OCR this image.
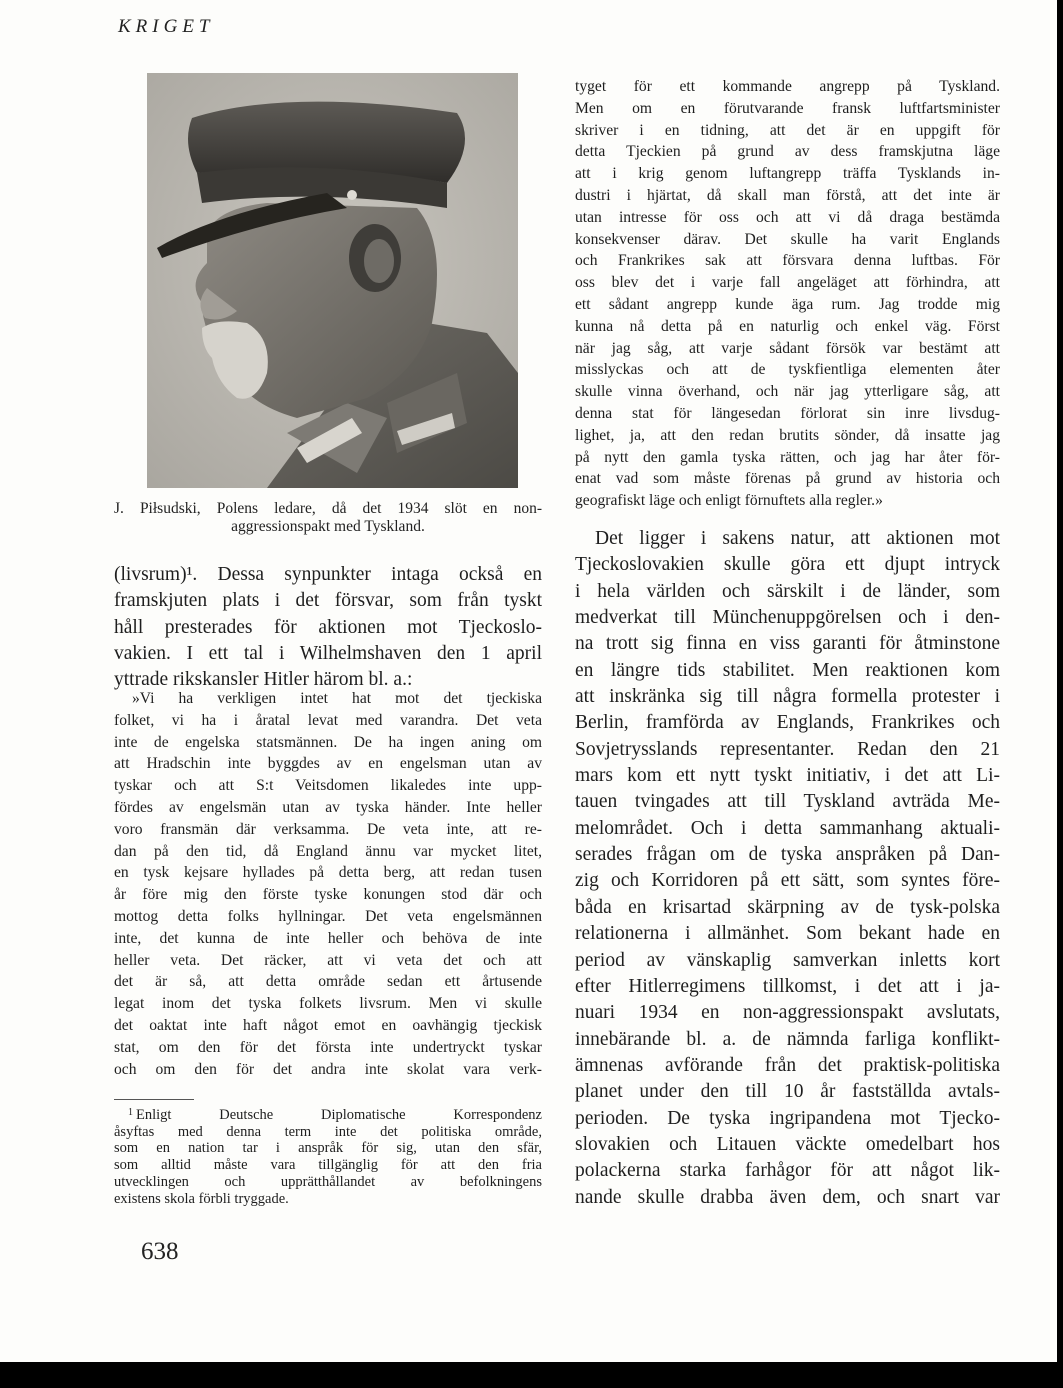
KRIGET
J. Piłsudski, Polens ledare, då det 1934 slöt en non-
aggressionspakt med Tyskland.
(livsrum)¹. Dessa synpunkter intaga också en
framskjuten plats i det försvar, som från tyskt
håll presterades för aktionen mot Tjeckoslo-
vakien. I ett tal i Wilhelmshaven den 1 april
yttrade rikskansler Hitler härom bl. a.:
»Vi ha verkligen intet hat mot det tjeckiska
folket, vi ha i åratal levat med varandra. Det veta
inte de engelska statsmännen. De ha ingen aning om
att Hradschin inte byggdes av en engelsman utan av
tyskar och att S:t Veitsdomen likaledes inte upp-
fördes av engelsmän utan av tyska händer. Inte heller
voro fransmän där verksamma. De veta inte, att re-
dan på den tid, då England ännu var mycket litet,
en tysk kejsare hyllades på detta berg, att redan tusen
år före mig den förste tyske konungen stod där och
mottog detta folks hyllningar. Det veta engelsmännen
inte, det kunna de inte heller och behöva de inte
heller veta. Det räcker, att vi veta det och att
det är så, att detta område sedan ett årtusende
legat inom det tyska folkets livsrum. Men vi skulle
det oaktat inte haft något emot en oavhängig tjeckisk
stat, om den för det första inte undertryckt tyskar
och om den för det andra inte skolat vara verk-
$^1$ Enligt Deutsche Diplomatische Korrespondenz
åsyftas med denna term inte det politiska område,
som en nation tar i anspråk för sig, utan den sfär,
som alltid måste vara tillgänglig för att den fria
utvecklingen och upprätthållandet av befolkningens
existens skola förbli tryggade.
638
tyget för ett kommande angrepp på Tyskland.
Men om en förutvarande fransk luftfartsminister
skriver i en tidning, att det är en uppgift för
detta Tjeckien på grund av dess framskjutna läge
att i krig genom luftangrepp träffa Tysklands in-
dustri i hjärtat, då skall man förstå, att det inte är
utan intresse för oss och att vi då draga bestämda
konsekvenser därav. Det skulle ha varit Englands
och Frankrikes sak att försvara denna luftbas. För
oss blev det i varje fall angeläget att förhindra, att
ett sådant angrepp kunde äga rum. Jag trodde mig
kunna nå detta på en naturlig och enkel väg. Först
när jag såg, att varje sådant försök var bestämt att
misslyckas och att de tyskfientliga elementen åter
skulle vinna överhand, och när jag ytterligare såg, att
denna stat för längesedan förlorat sin inre livsdug-
lighet, ja, att den redan brutits sönder, då insatte jag
på nytt den gamla tyska rätten, och jag har åter för-
enat vad som måste förenas på grund av historia och
geografiskt läge och enligt förnuftets alla regler.»
Det ligger i sakens natur, att aktionen mot
Tjeckoslovakien skulle göra ett djupt intryck
i hela världen och särskilt i de länder, som
medverkat till Münchenuppgörelsen och i den-
na trott sig finna en viss garanti för åtminstone
en längre tids stabilitet. Men reaktionen kom
att inskränka sig till några formella protester i
Berlin, framförda av Englands, Frankrikes och
Sovjetrysslands representanter. Redan den 21
mars kom ett nytt tyskt initiativ, i det att Li-
tauen tvingades att till Tyskland avträda Me-
melområdet. Och i detta sammanhang aktuali-
serades frågan om de tyska anspråken på Dan-
zig och Korridoren på ett sätt, som syntes före-
båda en krisartad skärpning av de tysk-polska
relationerna i allmänhet. Som bekant hade en
period av vänskaplig samverkan inletts kort
efter Hitlerregimens tillkomst, i det att i ja-
nuari 1934 en non-aggressionspakt avslutats,
innebärande bl. a. de nämnda farliga konflikt-
ämnenas avförande från det praktisk-politiska
planet under den till 10 år fastställda avtals-
perioden. De tyska ingripandena mot Tjecko-
slovakien och Litauen väckte omedelbart hos
polackerna starka farhågor för att något lik-
nande skulle drabba även dem, och snart var
